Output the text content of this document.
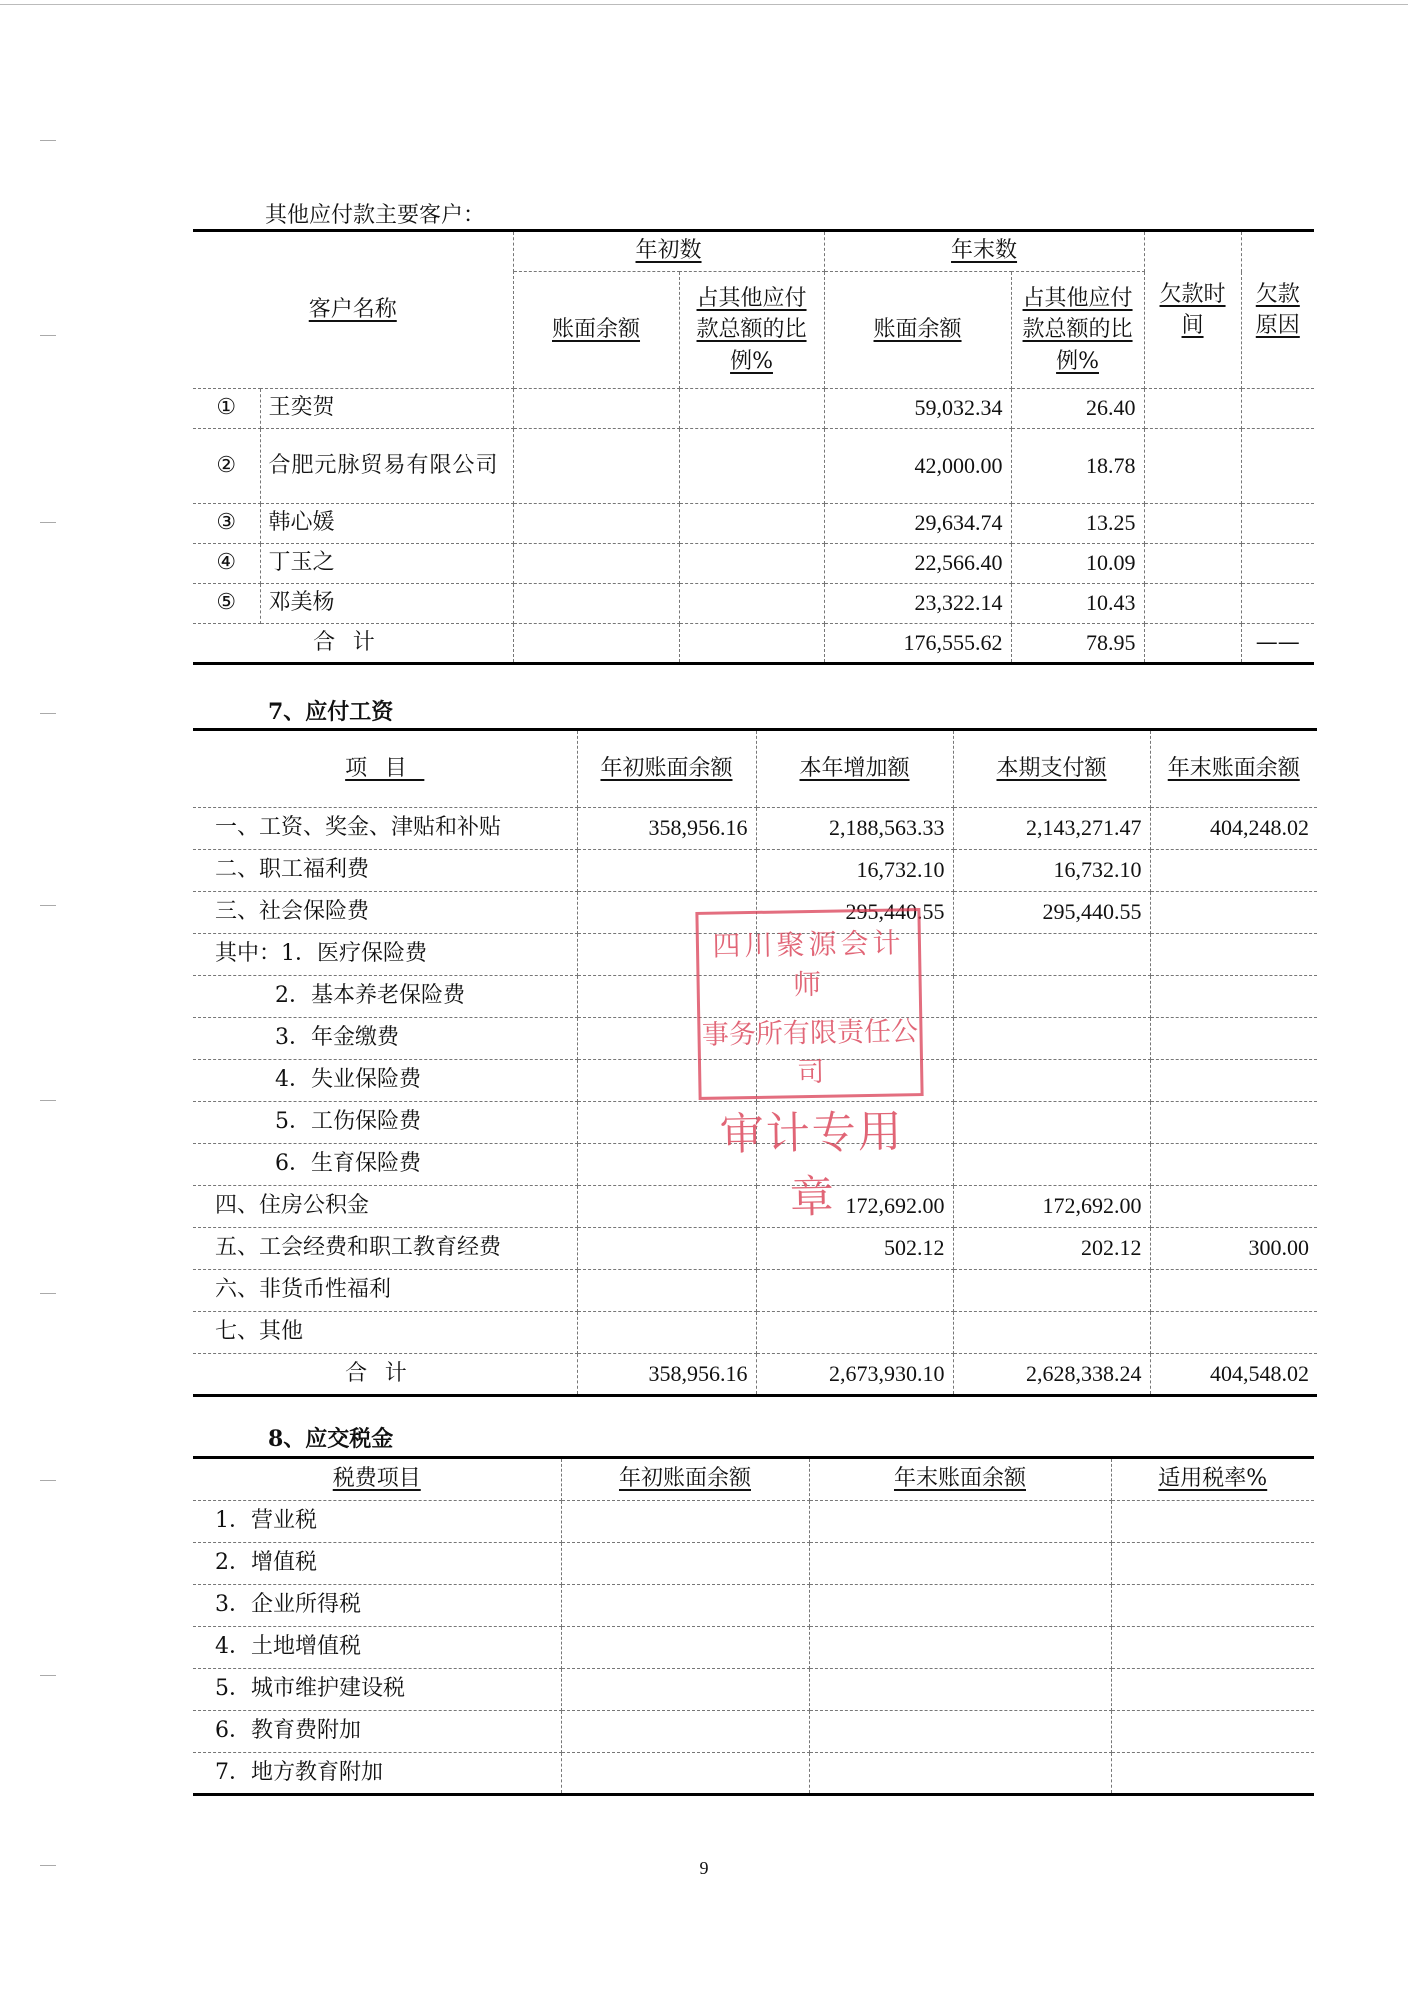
其他应付款主要客户：
客户名称		年初数		年末数		欠款时间	欠款原因
		账面余额	占其他应付款总额的比例%	账面余额	占其他应付款总额的比例%		
①	王奕贺			59,032.34	26.40		
②	合肥元脉贸易有限公司			42,000.00	18.78		
③	韩心媛			29,634.74	13.25		
④	丁玉之			22,566.40	10.09		
⑤	邓美杨			23,322.14	10.43		
合计				176,555.62	78.95		——
7、应付工资
项目	年初账面余额	本年增加额	本期支付额	年末账面余额
一、工资、奖金、津贴和补贴	358,956.16	2,188,563.33	2,143,271.47	404,248.02
二、职工福利费		16,732.10	16,732.10	
三、社会保险费		295,440.55	295,440.55	
其中：1．医疗保险费				
2．基本养老保险费				
3．年金缴费				
4．失业保险费				
5．工伤保险费				
6．生育保险费				
四、住房公积金		172,692.00	172,692.00	
五、工会经费和职工教育经费		502.12	202.12	300.00
六、非货币性福利				
七、其他				
合计	358,956.16	2,673,930.10	2,628,338.24	404,548.02
四川聚源会计师
事务所有限责任公司
审计专用章
8、应交税金
税费项目	年初账面余额	年末账面余额	适用税率%
1．营业税			
2．增值税			
3．企业所得税			
4．土地增值税			
5．城市维护建设税			
6．教育费附加			
7．地方教育附加			
9
